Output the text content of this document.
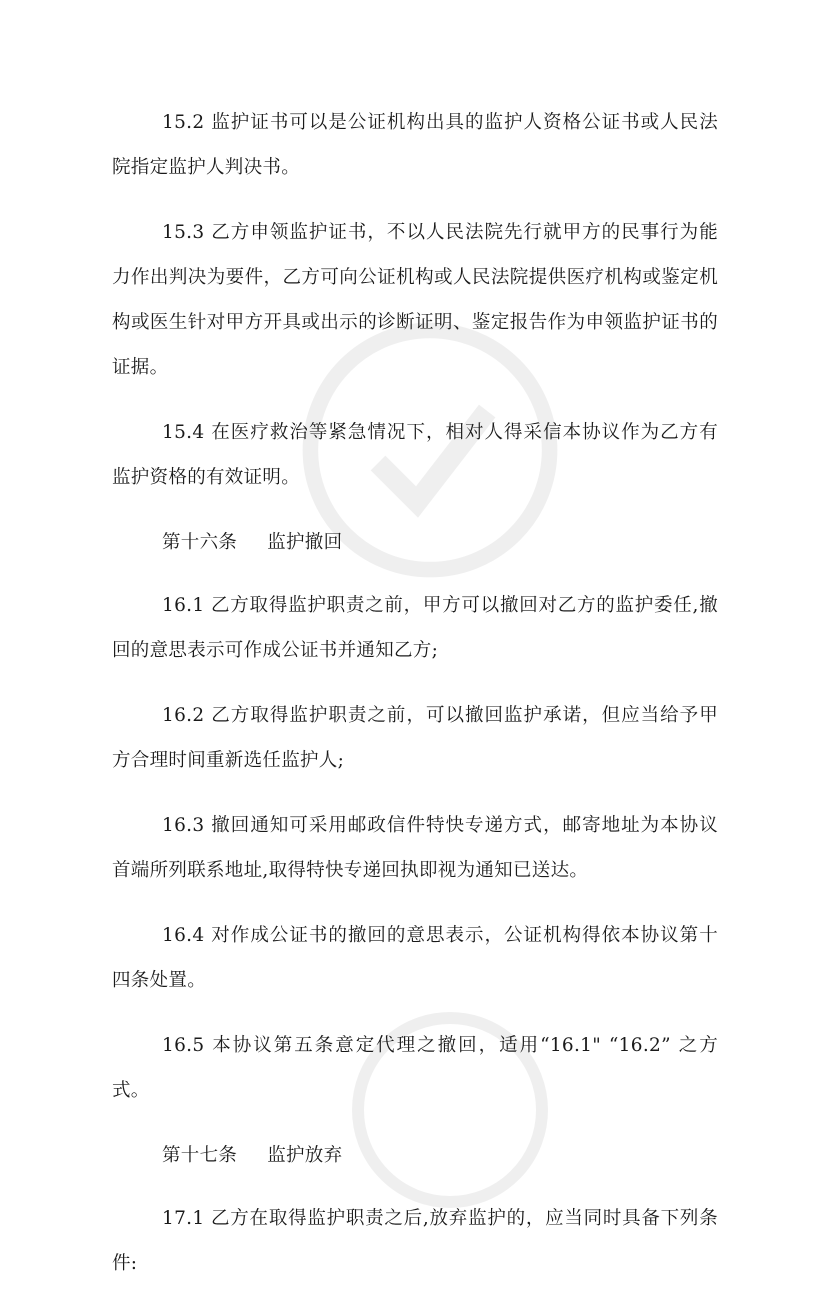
15.2 监护证书可以是公证机构出具的监护人资格公证书或人民法院指定监护人判决书。

15.3 乙方申领监护证书，不以人民法院先行就甲方的民事行为能力作出判决为要件，乙方可向公证机构或人民法院提供医疗机构或鉴定机构或医生针对甲方开具或出示的诊断证明、鉴定报告作为申领监护证书的证据。

15.4 在医疗救治等紧急情况下，相对人得采信本协议作为乙方有监护资格的有效证明。

第十六条 监护撤回

16.1 乙方取得监护职责之前，甲方可以撤回对乙方的监护委任,撤回的意思表示可作成公证书并通知乙方;

16.2 乙方取得监护职责之前，可以撤回监护承诺，但应当给予甲方合理时间重新选任监护人;

16.3 撤回通知可采用邮政信件特快专递方式，邮寄地址为本协议首端所列联系地址,取得特快专递回执即视为通知已送达。

16.4 对作成公证书的撤回的意思表示，公证机构得依本协议第十四条处置。

16.5 本协议第五条意定代理之撤回，适用“16.1" “16.2” 之方式。

第十七条 监护放弃

17.1 乙方在取得监护职责之后,放弃监护的，应当同时具备下列条件:
